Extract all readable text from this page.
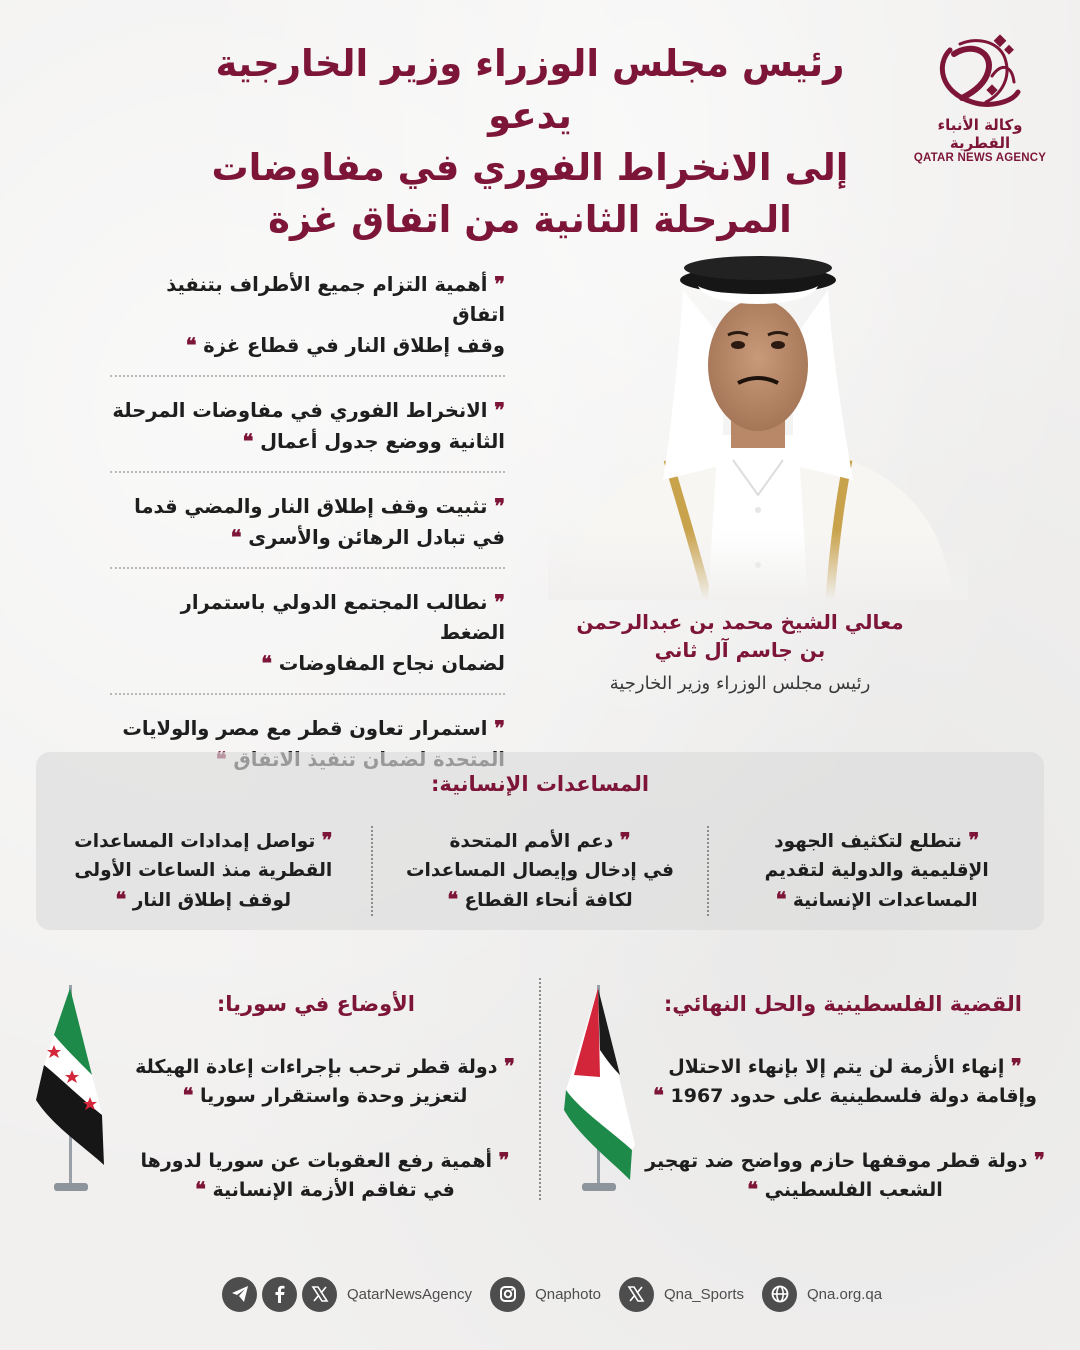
وكالة الأنباء القطرية
QATAR NEWS AGENCY
رئيس مجلس الوزراء وزير الخارجية يدعو
إلى الانخراط الفوري في مفاوضات
المرحلة الثانية من اتفاق غزة
❞ أهمية التزام جميع الأطراف بتنفيذ اتفاق
وقف إطلاق النار في قطاع غزة ❝
❞ الانخراط الفوري في مفاوضات المرحلة
الثانية ووضع جدول أعمال ❝
❞ تثبيت وقف إطلاق النار والمضي قدما
في تبادل الرهائن والأسرى ❝
❞ نطالب المجتمع الدولي باستمرار الضغط
لضمان نجاح المفاوضات ❝
❞ استمرار تعاون قطر مع مصر والولايات
معالي الشيخ محمد بن عبدالرحمن
بن جاسم آل ثاني
رئيس مجلس الوزراء وزير الخارجية
المساعدات الإنسانية:
❞ نتطلع لتكثيف الجهود
الإقليمية والدولية لتقديم
المساعدات الإنسانية ❝
❞ دعم الأمم المتحدة
في إدخال وإيصال المساعدات
لكافة أنحاء القطاع ❝
❞ تواصل إمدادات المساعدات
القطرية منذ الساعات الأولى
لوقف إطلاق النار ❝
القضية الفلسطينية والحل النهائي:
❞ إنهاء الأزمة لن يتم إلا بإنهاء الاحتلال
وإقامة دولة فلسطينية على حدود 1967 ❝
❞ دولة قطر موقفها حازم وواضح ضد تهجير
الشعب الفلسطيني ❝
الأوضاع في سوريا:
❞ دولة قطر ترحب بإجراءات إعادة الهيكلة
لتعزيز وحدة واستقرار سوريا ❝
❞ أهمية رفع العقوبات عن سوريا لدورها
في تفاقم الأزمة الإنسانية ❝
QatarNewsAgency	Qnaphoto	Qna_Sports	Qna.org.qa
